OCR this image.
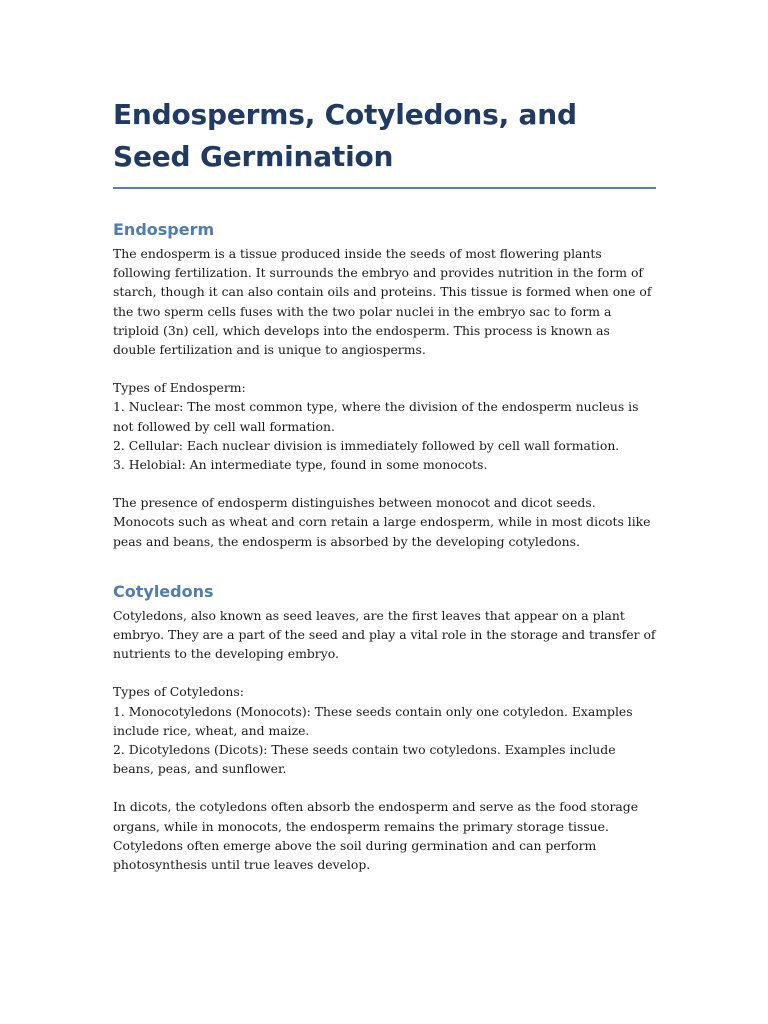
Endosperms, Cotyledons, and Seed Germination
Endosperm

The endosperm is a tissue produced inside the seeds of most flowering plants following fertilization. It surrounds the embryo and provides nutrition in the form of starch, though it can also contain oils and proteins. This tissue is formed when one of the two sperm cells fuses with the two polar nuclei in the embryo sac to form a triploid (3n) cell, which develops into the endosperm. This process is known as double fertilization and is unique to angiosperms.

Types of Endosperm:
1. Nuclear: The most common type, where the division of the endosperm nucleus is not followed by cell wall formation.
2. Cellular: Each nuclear division is immediately followed by cell wall formation.
3. Helobial: An intermediate type, found in some monocots.

The presence of endosperm distinguishes between monocot and dicot seeds. Monocots such as wheat and corn retain a large endosperm, while in most dicots like peas and beans, the endosperm is absorbed by the developing cotyledons.

Cotyledons

Cotyledons, also known as seed leaves, are the first leaves that appear on a plant embryo. They are a part of the seed and play a vital role in the storage and transfer of nutrients to the developing embryo.

Types of Cotyledons:
1. Monocotyledons (Monocots): These seeds contain only one cotyledon. Examples include rice, wheat, and maize.
2. Dicotyledons (Dicots): These seeds contain two cotyledons. Examples include beans, peas, and sunflower.

In dicots, the cotyledons often absorb the endosperm and serve as the food storage organs, while in monocots, the endosperm remains the primary storage tissue. Cotyledons often emerge above the soil during germination and can perform photosynthesis until true leaves develop.
